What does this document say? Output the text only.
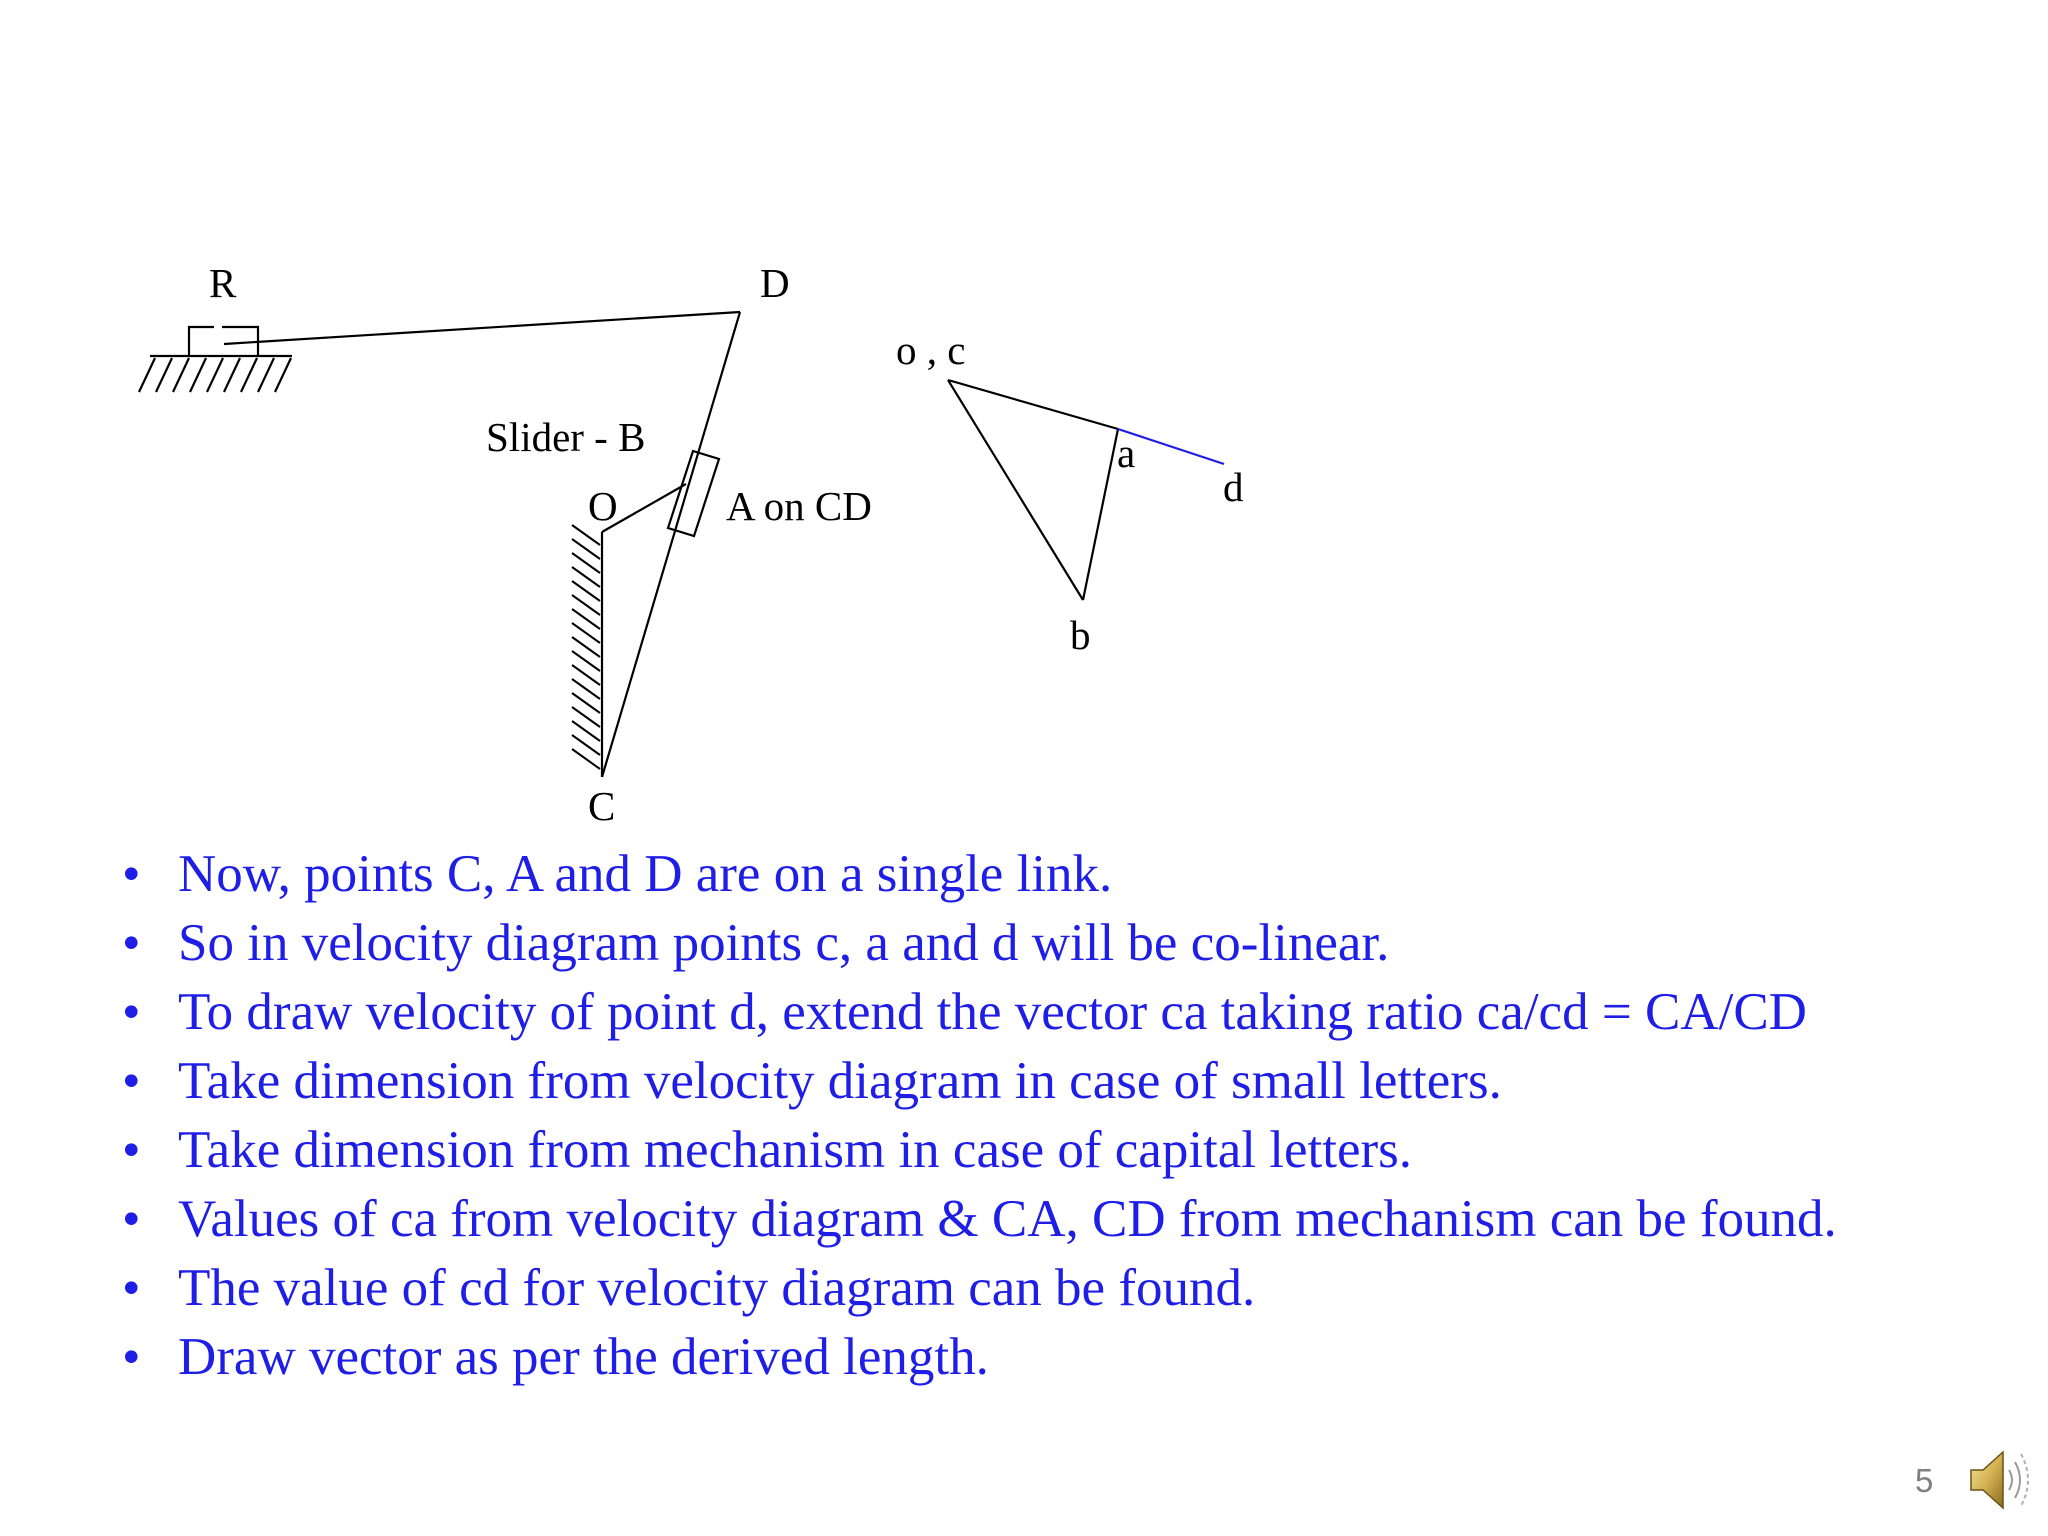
R	D
Slider - B
O	A on CD
C
o , c
a
d
b
• Now, points C, A and D are on a single link.
• So in velocity diagram points c, a and d will be co-linear.
• To draw velocity of point d, extend the vector ca taking ratio ca/cd = CA/CD
• Take dimension from velocity diagram in case of small letters.
• Take dimension from mechanism in case of capital letters.
• Values of ca from velocity diagram & CA, CD from mechanism can be found.
• The value of cd for velocity diagram can be found.
• Draw vector as per the derived length.
5
